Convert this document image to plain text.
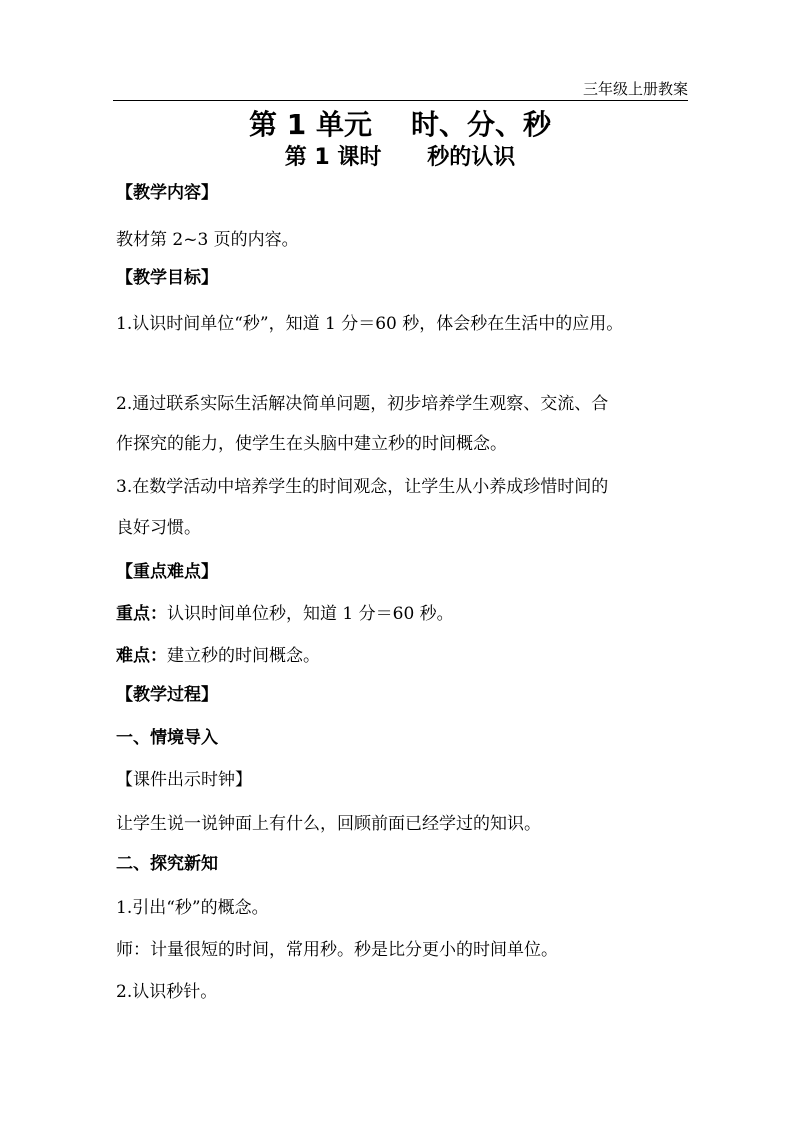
三年级上册教案
第 1 单元    时、分、秒
第 1 课时      秒的认识
【教学内容】
教材第 2~3 页的内容。
【教学目标】
1.认识时间单位“秒”，知道 1 分＝60 秒，体会秒在生活中的应用。
2.通过联系实际生活解决简单问题，初步培养学生观察、交流、合
作探究的能力，使学生在头脑中建立秒的时间概念。
3.在数学活动中培养学生的时间观念，让学生从小养成珍惜时间的
良好习惯。
【重点难点】
重点：认识时间单位秒，知道 1 分＝60 秒。
难点：建立秒的时间概念。
【教学过程】
一、情境导入
【课件出示时钟】
让学生说一说钟面上有什么，回顾前面已经学过的知识。
二、探究新知
1.引出“秒”的概念。
师：计量很短的时间，常用秒。秒是比分更小的时间单位。
2.认识秒针。
